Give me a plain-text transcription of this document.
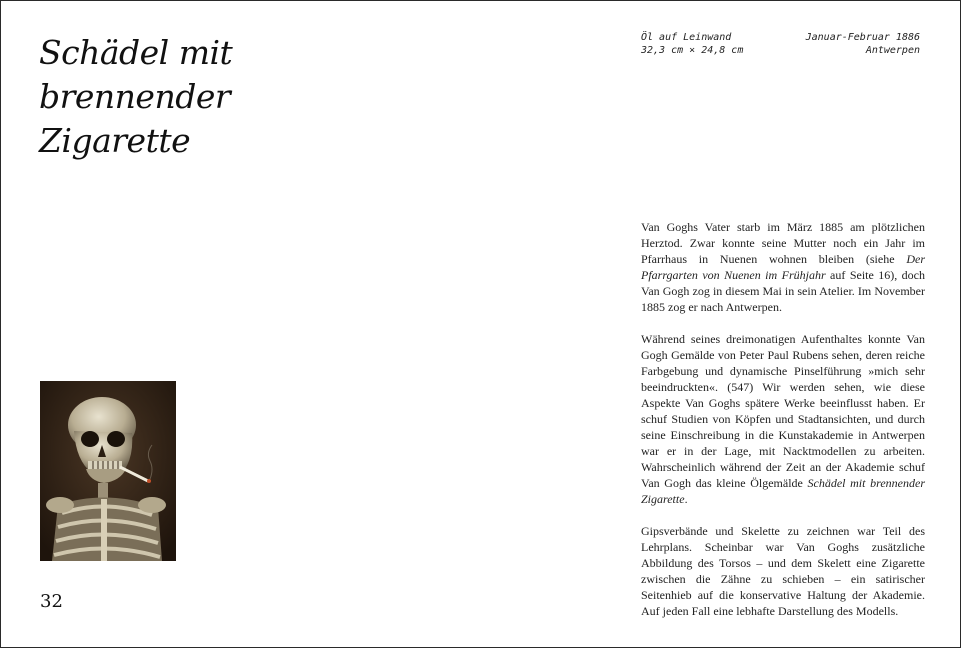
Schädel mit
brennender
Zigarette
Öl auf Leinwand
32,3 cm × 24,8 cm
Januar-Februar 1886
Antwerpen
32

Van Goghs Vater starb im März 1885 am plötzlichen Herztod. Zwar konnte seine Mutter noch ein Jahr im Pfarrhaus in Nuenen wohnen bleiben (siehe Der Pfarrgarten von Nuenen im Frühjahr auf Seite 16), doch Van Gogh zog in diesem Mai in sein Atelier. Im November 1885 zog er nach Antwerpen.

Während seines dreimonatigen Aufenthaltes konnte Van Gogh Gemälde von Peter Paul Rubens sehen, deren reiche Farbgebung und dynamische Pinselführung »mich sehr beeindruckten«. (547) Wir werden sehen, wie diese Aspekte Van Goghs spätere Werke beeinflusst haben. Er schuf Studien von Köpfen und Stadtansichten, und durch seine Einschreibung in die Kunstakademie in Antwerpen war er in der Lage, mit Nacktmodellen zu arbeiten. Wahrscheinlich während der Zeit an der Akademie schuf Van Gogh das kleine Ölgemälde Schädel mit brennender Zigarette.

Gipsverbände und Skelette zu zeichnen war Teil des Lehrplans. Scheinbar war Van Goghs zusätzliche Abbildung des Torsos – und dem Skelett eine Zigarette zwischen die Zähne zu schieben – ein satirischer Seitenhieb auf die konservative Haltung der Akademie. Auf jeden Fall eine lebhafte Darstellung des Modells.
